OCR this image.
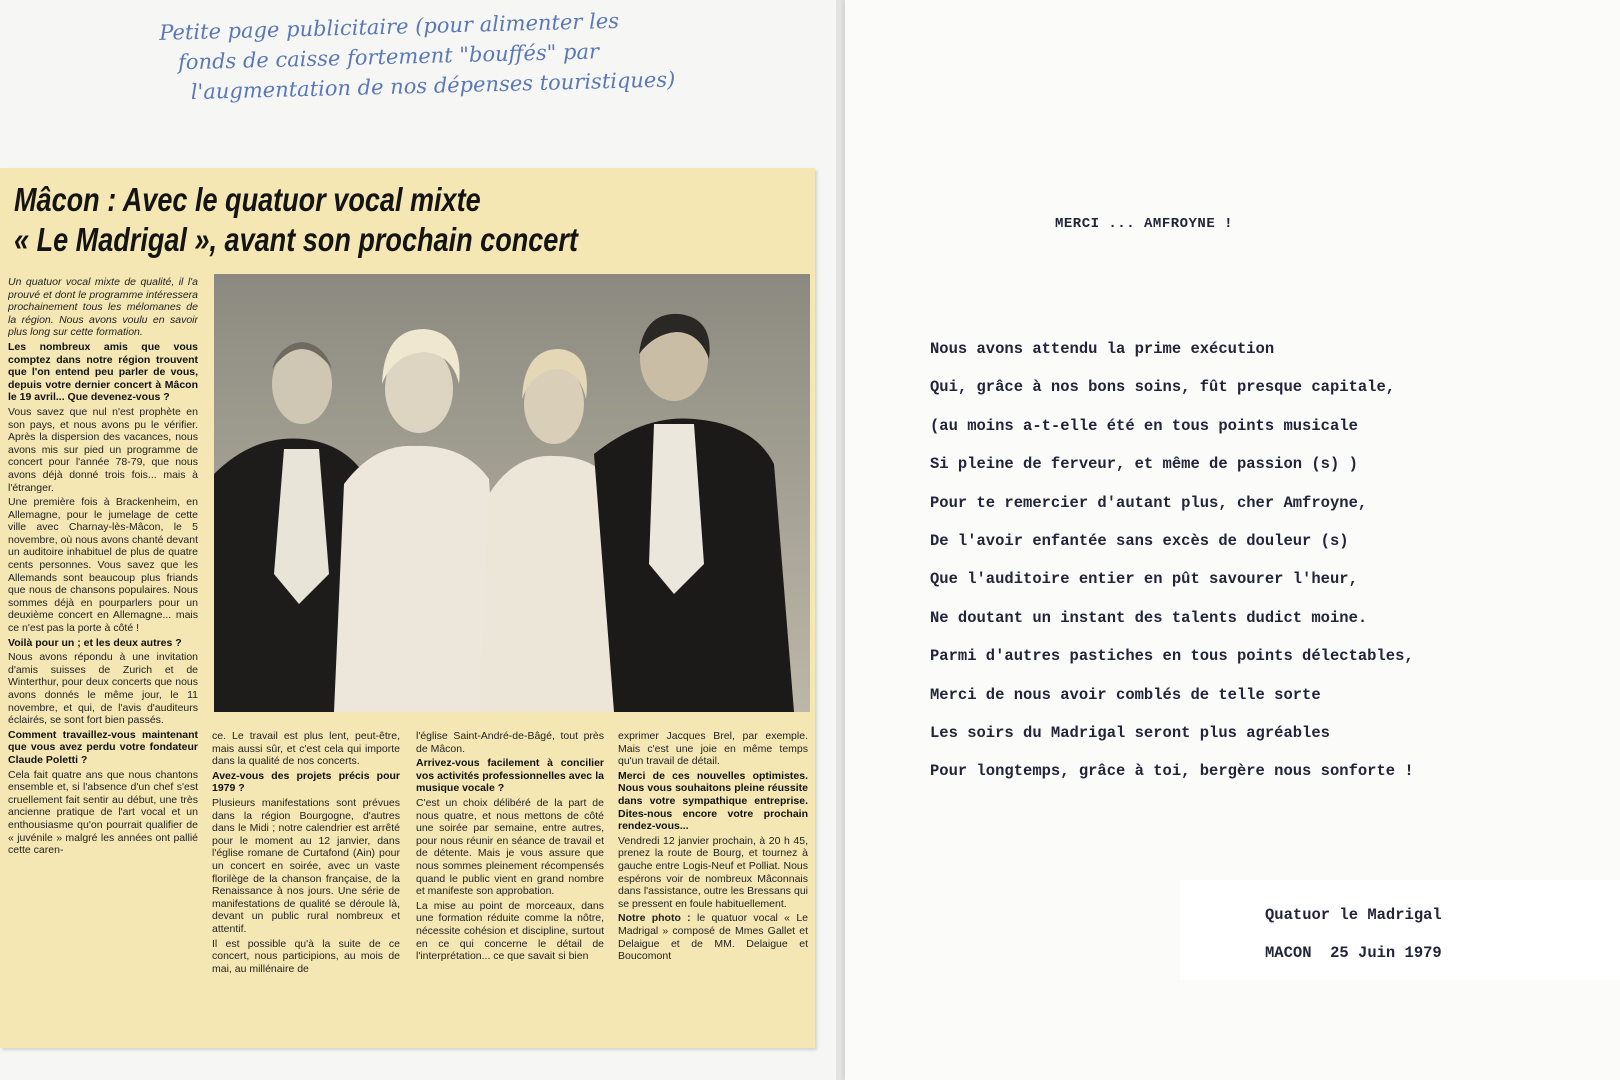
Petite page publicitaire (pour alimenter les
fonds de caisse fortement "bouffés" par
l'augmentation de nos dépenses touristiques)
Mâcon : Avec le quatuor vocal mixte
« Le Madrigal », avant son prochain concert

Un quatuor vocal mixte de qualité, il l'a prouvé et dont le programme intéressera prochainement tous les mélomanes de la région. Nous avons voulu en savoir plus long sur cette formation.

Les nombreux amis que vous comptez dans notre région trouvent que l'on entend peu parler de vous, depuis votre dernier concert à Mâcon le 19 avril... Que devenez-vous ?

Vous savez que nul n'est prophète en son pays, et nous avons pu le vérifier. Après la dispersion des vacances, nous avons mis sur pied un programme de concert pour l'année 78-79, que nous avons déjà donné trois fois... mais à l'étranger.

Une première fois à Brackenheim, en Allemagne, pour le jumelage de cette ville avec Charnay-lès-Mâcon, le 5 novembre, où nous avons chanté devant un auditoire inhabituel de plus de quatre cents personnes. Vous savez que les Allemands sont beaucoup plus friands que nous de chansons populaires. Nous sommes déjà en pourparlers pour un deuxième concert en Allemagne... mais ce n'est pas la porte à côté !

Voilà pour un ; et les deux autres ?

Nous avons répondu à une invitation d'amis suisses de Zurich et de Winterthur, pour deux concerts que nous avons donnés le même jour, le 11 novembre, et qui, de l'avis d'auditeurs éclairés, se sont fort bien passés.

Comment travaillez-vous maintenant que vous avez perdu votre fondateur Claude Poletti ?

Cela fait quatre ans que nous chantons ensemble et, si l'absence d'un chef s'est cruellement fait sentir au début, une très ancienne pratique de l'art vocal et un enthousiasme qu'on pourrait qualifier de « juvénile » malgré les années ont pallié cette caren-

ce. Le travail est plus lent, peut-être, mais aussi sûr, et c'est cela qui importe dans la qualité de nos concerts.

Avez-vous des projets précis pour 1979 ?

Plusieurs manifestations sont prévues dans la région Bourgogne, d'autres dans le Midi ; notre calendrier est arrêté pour le moment au 12 janvier, dans l'église romane de Curtafond (Ain) pour un concert en soirée, avec un vaste florilège de la chanson française, de la Renaissance à nos jours. Une série de manifestations de qualité se déroule là, devant un public rural nombreux et attentif.

Il est possible qu'à la suite de ce concert, nous participions, au mois de mai, au millénaire de

l'église Saint-André-de-Bâgé, tout près de Mâcon.

Arrivez-vous facilement à concilier vos activités professionnelles avec la musique vocale ?

C'est un choix délibéré de la part de nous quatre, et nous mettons de côté une soirée par semaine, entre autres, pour nous réunir en séance de travail et de détente. Mais je vous assure que nous sommes pleinement récompensés quand le public vient en grand nombre et manifeste son approbation.

La mise au point de morceaux, dans une formation réduite comme la nôtre, nécessite cohésion et discipline, surtout en ce qui concerne le détail de l'interprétation... ce que savait si bien

exprimer Jacques Brel, par exemple. Mais c'est une joie en même temps qu'un travail de détail.

Merci de ces nouvelles optimistes. Nous vous souhaitons pleine réussite dans votre sympathique entreprise. Dites-nous encore votre prochain rendez-vous...

Vendredi 12 janvier prochain, à 20 h 45, prenez la route de Bourg, et tournez à gauche entre Logis-Neuf et Polliat. Nous espérons voir de nombreux Mâconnais dans l'assistance, outre les Bressans qui se pressent en foule habituellement.

Notre photo : le quatuor vocal « Le Madrigal » composé de Mmes Gallet et Delaigue et de MM. Delaigue et Boucomont

MERCI ... AMFROYNE !
Nous avons attendu la prime exécution
Qui, grâce à nos bons soins, fût presque capitale,
(au moins a-t-elle été en tous points musicale
Si pleine de ferveur, et même de passion (s) )
Pour te remercier d'autant plus, cher Amfroyne,
De l'avoir enfantée sans excès de douleur (s)
Que l'auditoire entier en pût savourer l'heur,
Ne doutant un instant des talents dudict moine.
Parmi d'autres pastiches en tous points délectables,
Merci de nous avoir comblés de telle sorte
Les soirs du Madrigal seront plus agréables
Pour longtemps, grâce à toi, bergère nous sonforte !
Quatuor le Madrigal
MACON  25 Juin 1979
